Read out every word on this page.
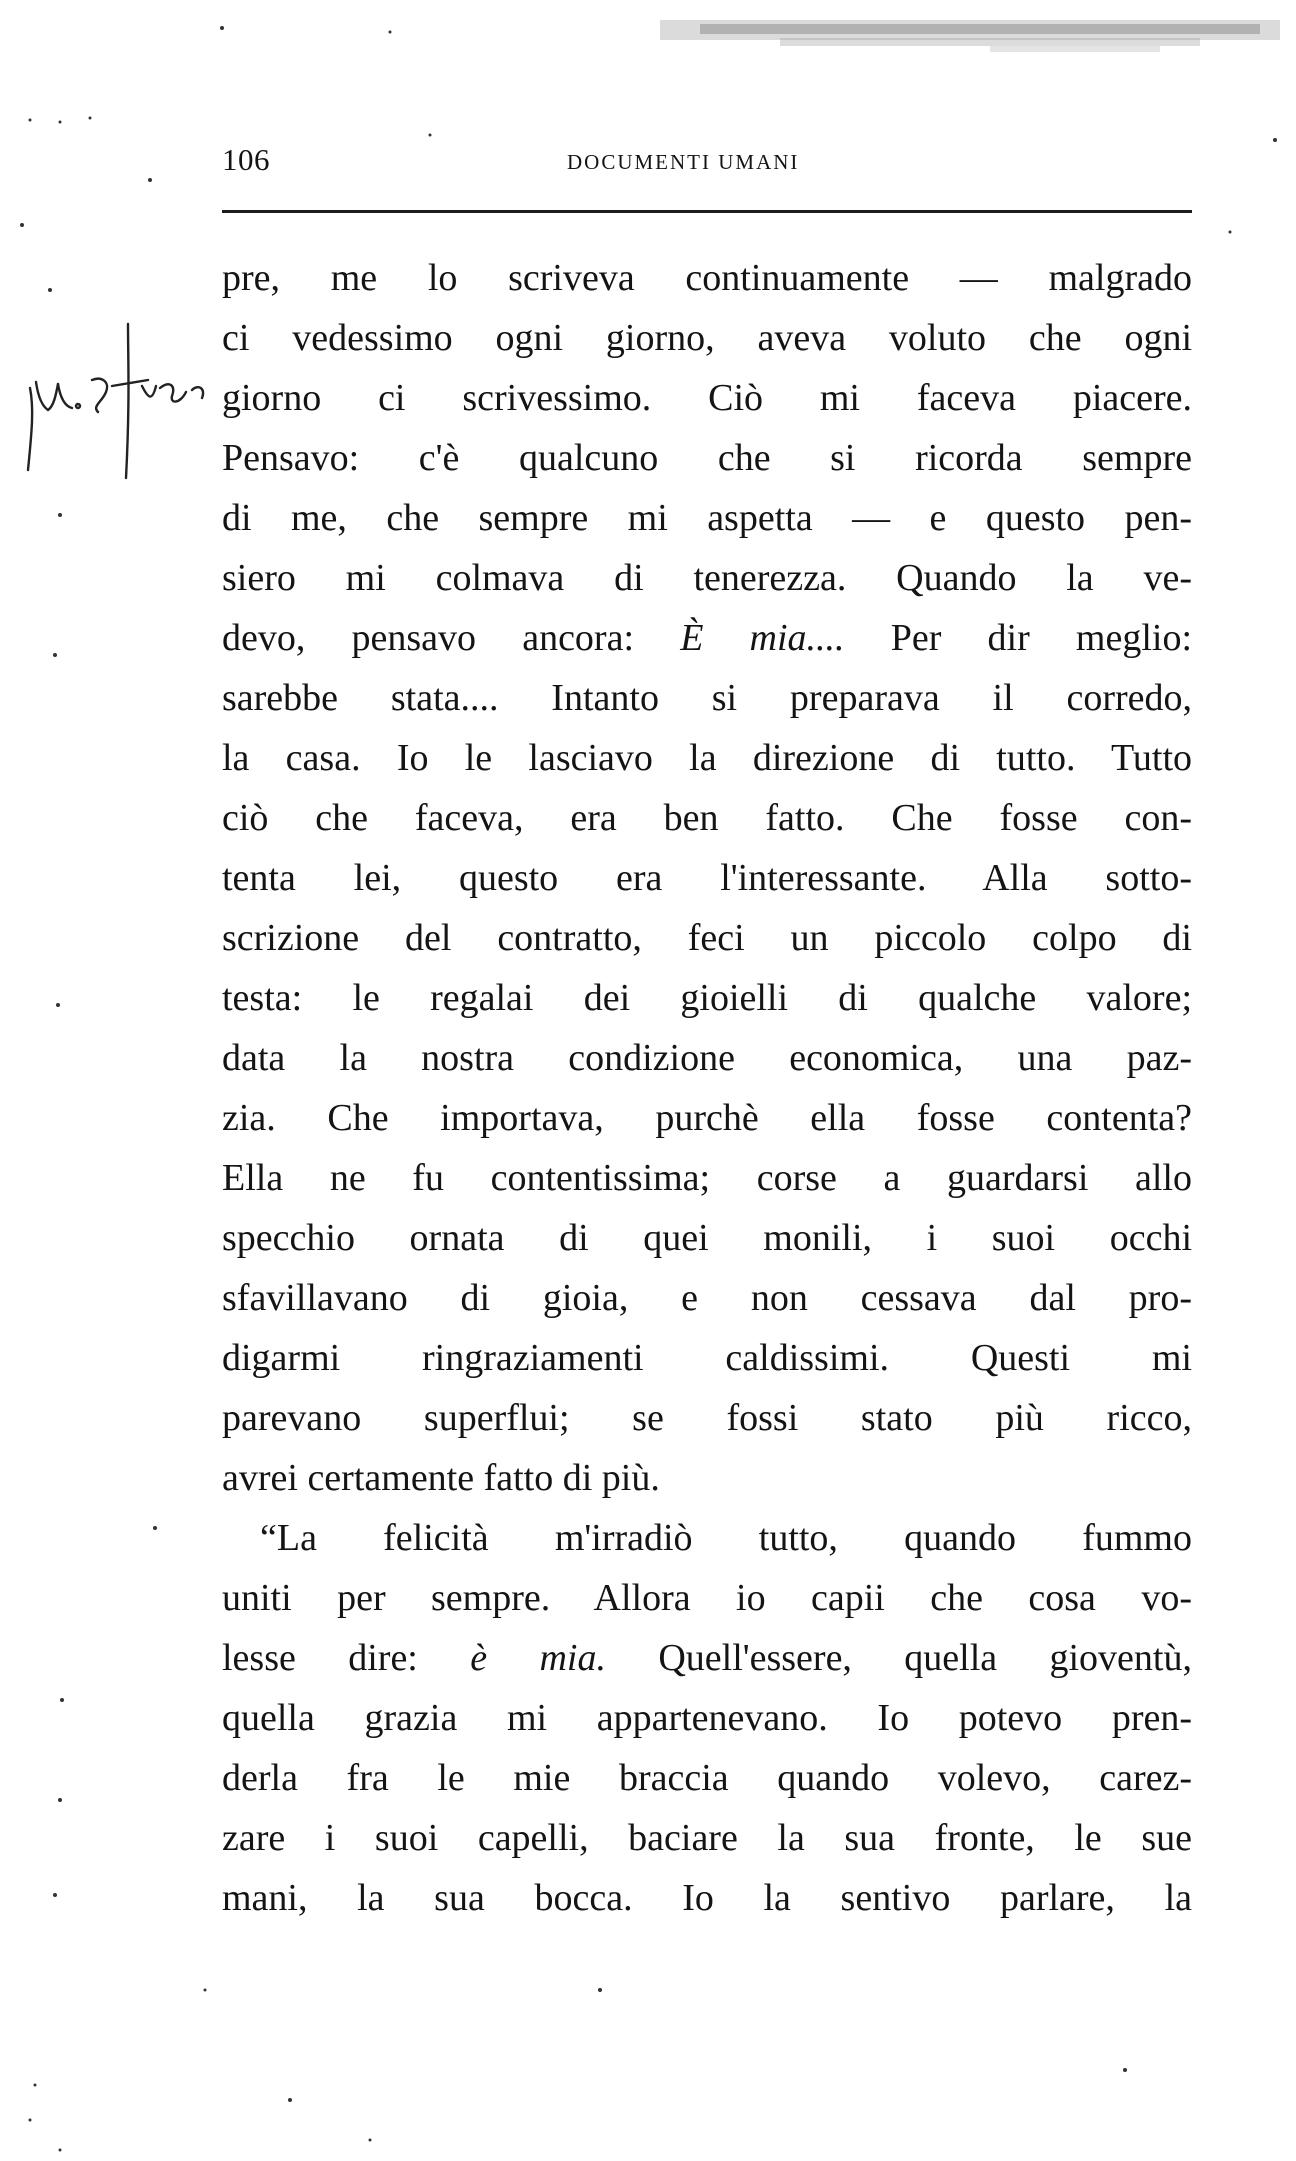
106	DOCUMENTI UMANI
pre, me lo scriveva continuamente — malgrado
ci vedessimo ogni giorno, aveva voluto che ogni
giorno ci scrivessimo. Ciò mi faceva piacere.
Pensavo: c'è qualcuno che si ricorda sempre
di me, che sempre mi aspetta — e questo pen-
siero mi colmava di tenerezza. Quando la ve-
devo, pensavo ancora: È mia.... Per dir meglio:
sarebbe stata.... Intanto si preparava il corredo,
la casa. Io le lasciavo la direzione di tutto. Tutto
ciò che faceva, era ben fatto. Che fosse con-
tenta lei, questo era l'interessante. Alla sotto-
scrizione del contratto, feci un piccolo colpo di
testa: le regalai dei gioielli di qualche valore;
data la nostra condizione economica, una paz-
zia. Che importava, purchè ella fosse contenta?
Ella ne fu contentissima; corse a guardarsi allo
specchio ornata di quei monili, i suoi occhi
sfavillavano di gioia, e non cessava dal pro-
digarmi ringraziamenti caldissimi. Questi mi
parevano superflui; se fossi stato più ricco,
avrei certamente fatto di più.
“La felicità m'irradiò tutto, quando fummo
uniti per sempre. Allora io capii che cosa vo-
lesse dire: è mia. Quell'essere, quella gioventù,
quella grazia mi appartenevano. Io potevo pren-
derla fra le mie braccia quando volevo, carez-
zare i suoi capelli, baciare la sua fronte, le sue
mani, la sua bocca. Io la sentivo parlare, la
